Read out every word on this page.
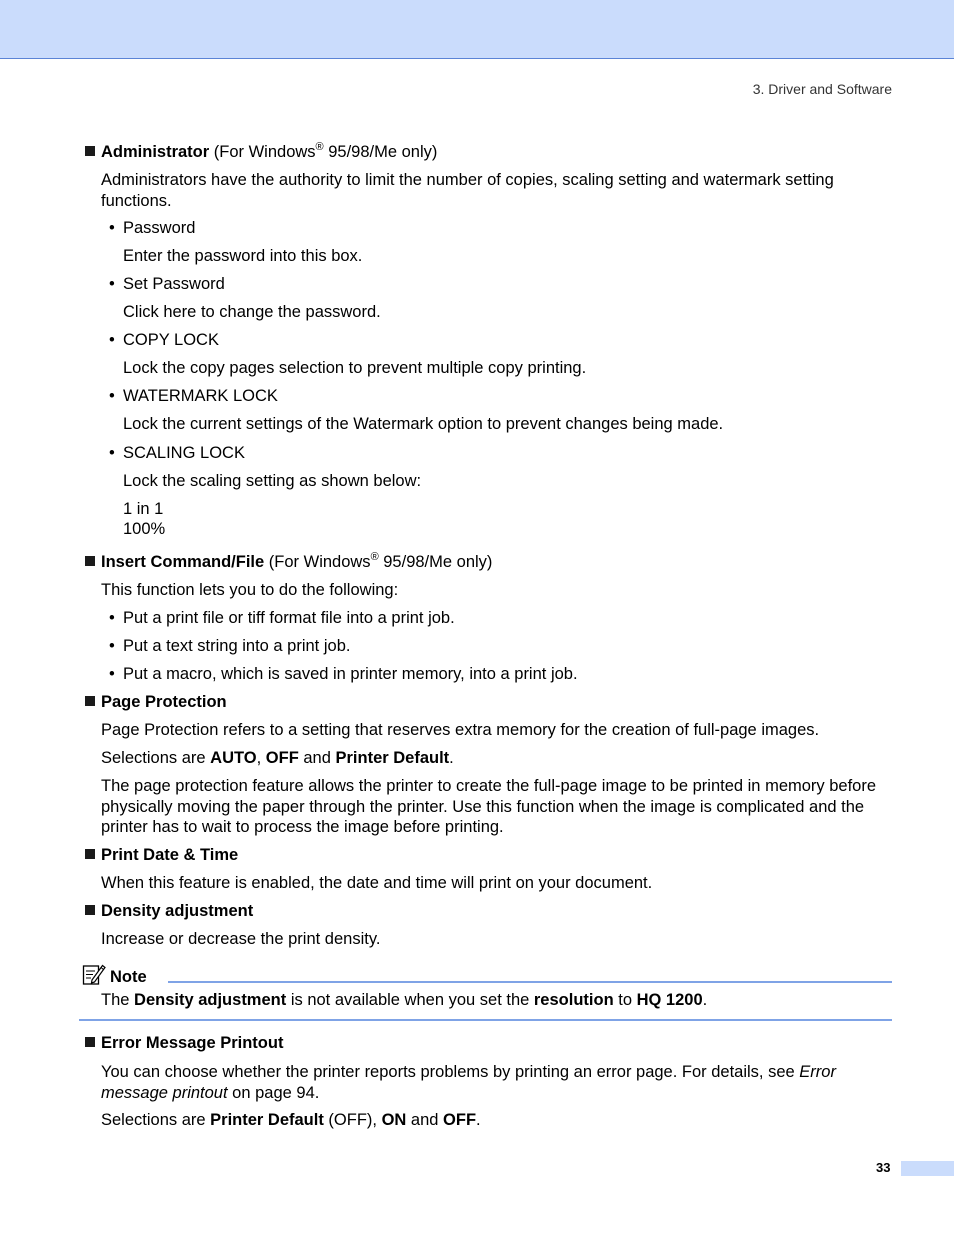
3. Driver and Software
Administrator (For Windows® 95/98/Me only)
Administrators have the authority to limit the number of copies, scaling setting and watermark setting functions.
• Password
Enter the password into this box.
• Set Password
Click here to change the password.
• COPY LOCK
Lock the copy pages selection to prevent multiple copy printing.
• WATERMARK LOCK
Lock the current settings of the Watermark option to prevent changes being made.
• SCALING LOCK
Lock the scaling setting as shown below:
1 in 1
100%
Insert Command/File (For Windows® 95/98/Me only)
This function lets you to do the following:
• Put a print file or tiff format file into a print job.
• Put a text string into a print job.
• Put a macro, which is saved in printer memory, into a print job.
Page Protection
Page Protection refers to a setting that reserves extra memory for the creation of full-page images.
Selections are AUTO, OFF and Printer Default.
The page protection feature allows the printer to create the full-page image to be printed in memory before physically moving the paper through the printer. Use this function when the image is complicated and the printer has to wait to process the image before printing.
Print Date & Time
When this feature is enabled, the date and time will print on your document.
Density adjustment
Increase or decrease the print density.
Note
The Density adjustment is not available when you set the resolution to HQ 1200.
Error Message Printout
You can choose whether the printer reports problems by printing an error page. For details, see Error message printout on page 94.
Selections are Printer Default (OFF), ON and OFF.
33
